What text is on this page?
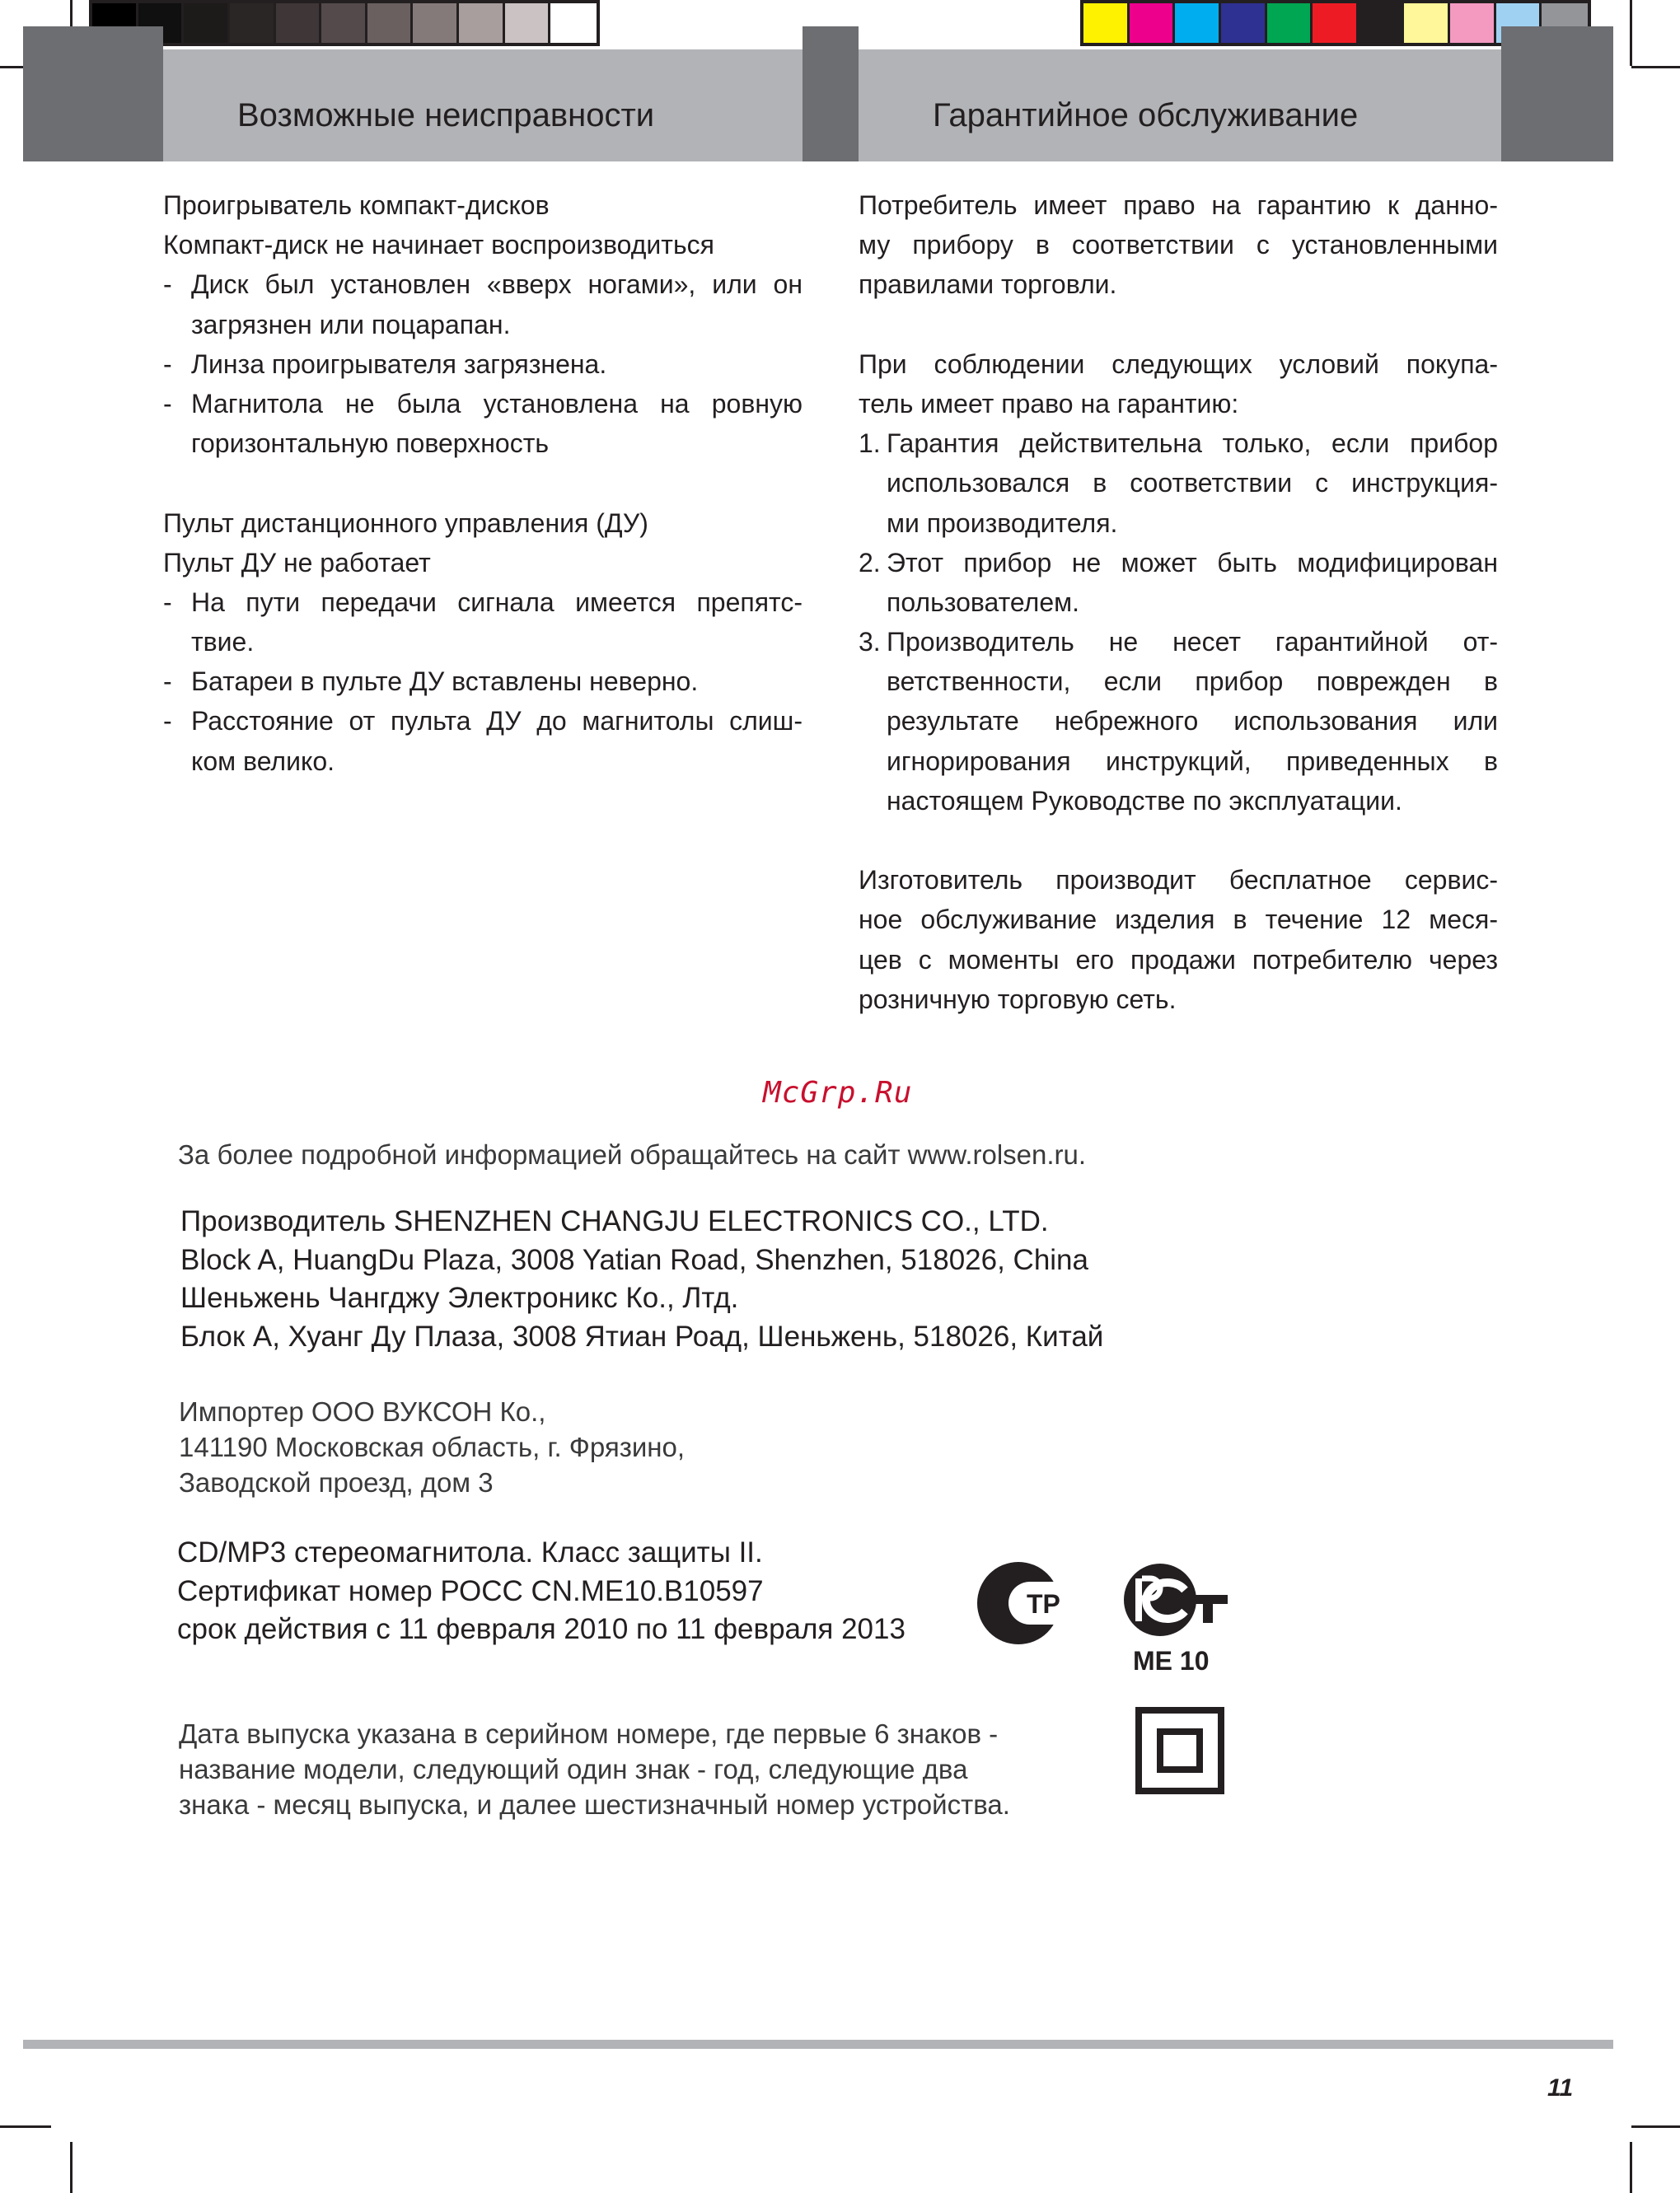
Возможные неисправности	Гарантийное обслуживание
Проигрыватель компакт-дисков
Компакт-диск не начинает воспроизводиться
- Диск был установлен «вверх ногами», или он
загрязнен или поцарапан.
- Линза проигрывателя загрязнена.
- Магнитола не была установлена на ровную
горизонтальную поверхность
Пульт дистанционного управления (ДУ)
Пульт ДУ не работает
- На пути передачи сигнала имеется препятс-
твие.
- Батареи в пульте ДУ вставлены неверно.
- Расстояние от пульта ДУ до магнитолы слиш-
ком велико.
Потребитель имеет право на гарантию к данно-
му прибору в соответствии с установленными
правилами торговли.
При соблюдении следующих условий покупа-
тель имеет право на гарантию:
1. Гарантия действительна только, если прибор
использовался в соответствии с инструкция-
ми производителя.
2. Этот прибор не может быть модифицирован
пользователем.
3. Производитель не несет гарантийной от-
ветственности, если прибор поврежден в
результате небрежного использования или
игнорирования инструкций, приведенных в
настоящем Руководстве по эксплуатации.
Изготовитель производит бесплатное сервис-
ное обслуживание изделия в течение 12 меся-
цев с моменты его продажи потребителю через
розничную торговую сеть.
McGrp.Ru
За более подробной информацией обращайтесь на сайт www.rolsen.ru.
Производитель SHENZHEN CHANGJU ELECTRONICS CO., LTD.
Block A, HuangDu Plaza, 3008 Yatian Road, Shenzhen, 518026, China
Шеньжень Чангджу Электроникс Ко., Лтд.
Блок А, Хуанг Ду Плаза, 3008 Ятиан Роад, Шеньжень, 518026, Китай
Импортер ООО ВУКСОН Ко.,
141190 Московская область, г. Фрязино,
Заводской проезд, дом 3
CD/MP3 стереомагнитола. Класс защиты II.
Сертификат номер РОСС CN.ME10.B10597
срок действия с 11 февраля 2010 по 11 февраля 2013
ТР
ME 10
Дата выпуска указана в серийном номере, где первые 6 знаков -
название модели, следующий один знак - год, следующие два
знака - месяц выпуска, и далее шестизначный номер устройства.
11
